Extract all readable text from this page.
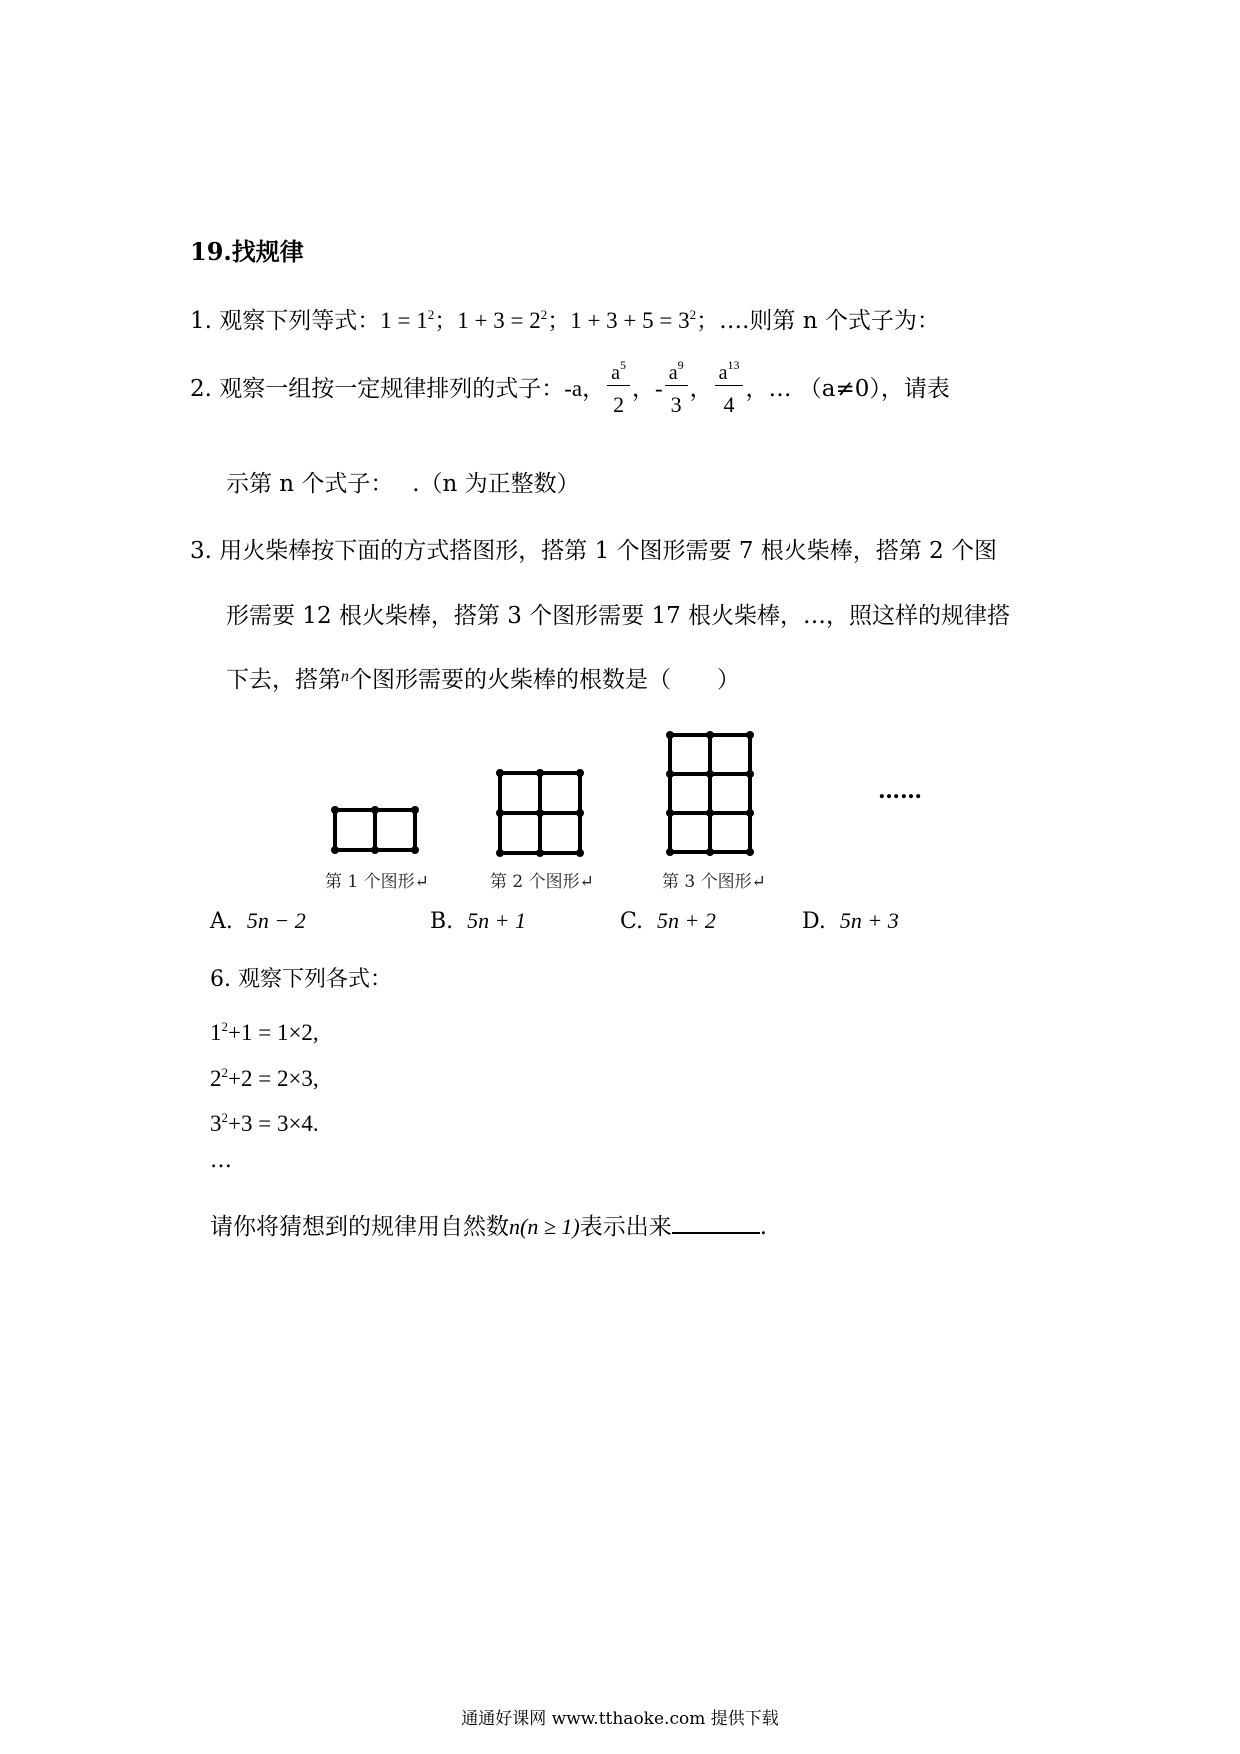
19.找规律
1. 观察下列等式：$1 = 1^2$；$1 + 3 = 2^2$；$1 + 3 + 5 = 3^2$；….则第 n 个式子为：
2. 观察一组按一定规律排列的式子：-a， $\frac{a^5}{2}$ ，- $\frac{a^9}{3}$ ， $\frac{a^{13}}{4}$ ，… （a≠0），请表
示第 n 个式子：　 .（n 为正整数）
3. 用火柴棒按下面的方式搭图形，搭第 1 个图形需要 7 根火柴棒，搭第 2 个图
形需要 12 根火柴棒，搭第 3 个图形需要 17 根火柴棒，…，照这样的规律搭
下去，搭第$^n$个图形需要的火柴棒的根数是（　　）
第 1 个图形↵	第 2 个图形↵	第 3 个图形↵
……
A. 5n − 2	B. 5n + 1	C. 5n + 2	D. 5n + 3
6. 观察下列各式：
$1^2+1 = 1\times 2$,
$2^2+2 = 2\times 3$,
$3^2+3 = 3\times 4$.
…
请你将猜想到的规律用自然数n(n ≥ 1)表示出来	.
通通好课网 www.tthaoke.com 提供下载
